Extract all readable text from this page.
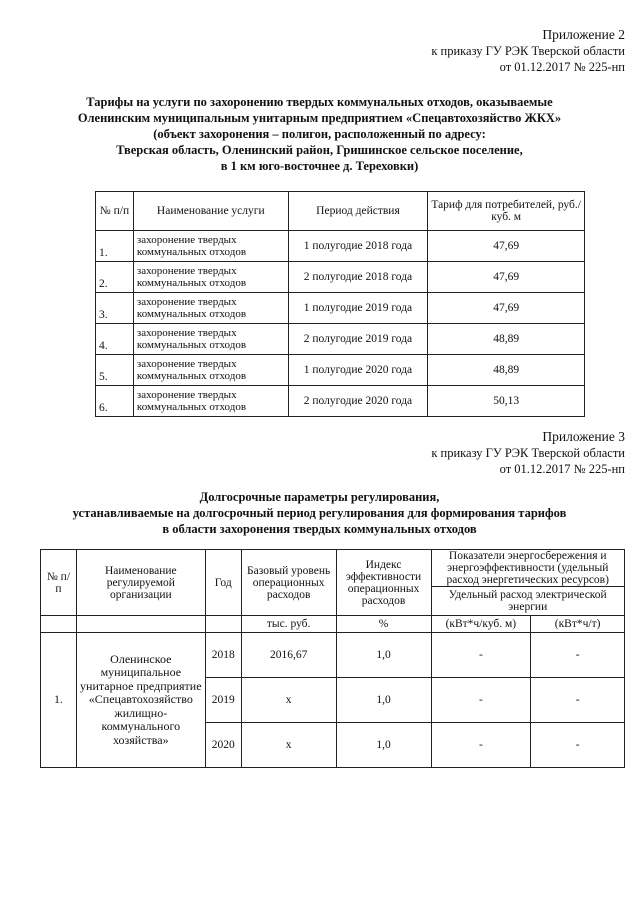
Приложение 2
к приказу ГУ РЭК Тверской области
от 01.12.2017 № 225-нп
Тарифы на услуги по захоронению твердых коммунальных отходов, оказываемые
Оленинским муниципальным унитарным предприятием «Спецавтохозяйство ЖКХ»
(объект захоронения – полигон, расположенный по адресу:
Тверская область, Оленинский район, Гришинское сельское поселение,
в 1 км юго-восточнее д. Тереховки)
№ п/п	Наименование услуги	Период действия	Тариф для потребителей, руб./куб. м
1.	захоронение твердых коммунальных отходов	1 полугодие 2018 года	47,69
2.	захоронение твердых коммунальных отходов	2 полугодие 2018 года	47,69
3.	захоронение твердых коммунальных отходов	1 полугодие 2019 года	47,69
4.	захоронение твердых коммунальных отходов	2 полугодие 2019 года	48,89
5.	захоронение твердых коммунальных отходов	1 полугодие 2020 года	48,89
6.	захоронение твердых коммунальных отходов	2 полугодие 2020 года	50,13
Приложение 3
к приказу ГУ РЭК Тверской области
от 01.12.2017 № 225-нп
Долгосрочные параметры регулирования,
устанавливаемые на долгосрочный период регулирования для формирования тарифов
в области захоронения твердых коммунальных отходов
№ п/п	Наименование регулируемой организации	Год	Базовый уровень операционных расходов	Индекс эффективности операционных расходов	Показатели энергосбережения и энергоэффективности (удельный расход энергетических ресурсов)	
					Удельный расход электрической энергии	

			тыс. руб.	%	(кВт*ч/куб. м)	(кВт*ч/т)
1.	Оленинское муниципальное унитарное предприятие «Спецавтохозяйство жилищно-коммунального хозяйства»	2018	2016,67	1,0	-	-
		2019	х	1,0	-	-
		2020	х	1,0	-	-
